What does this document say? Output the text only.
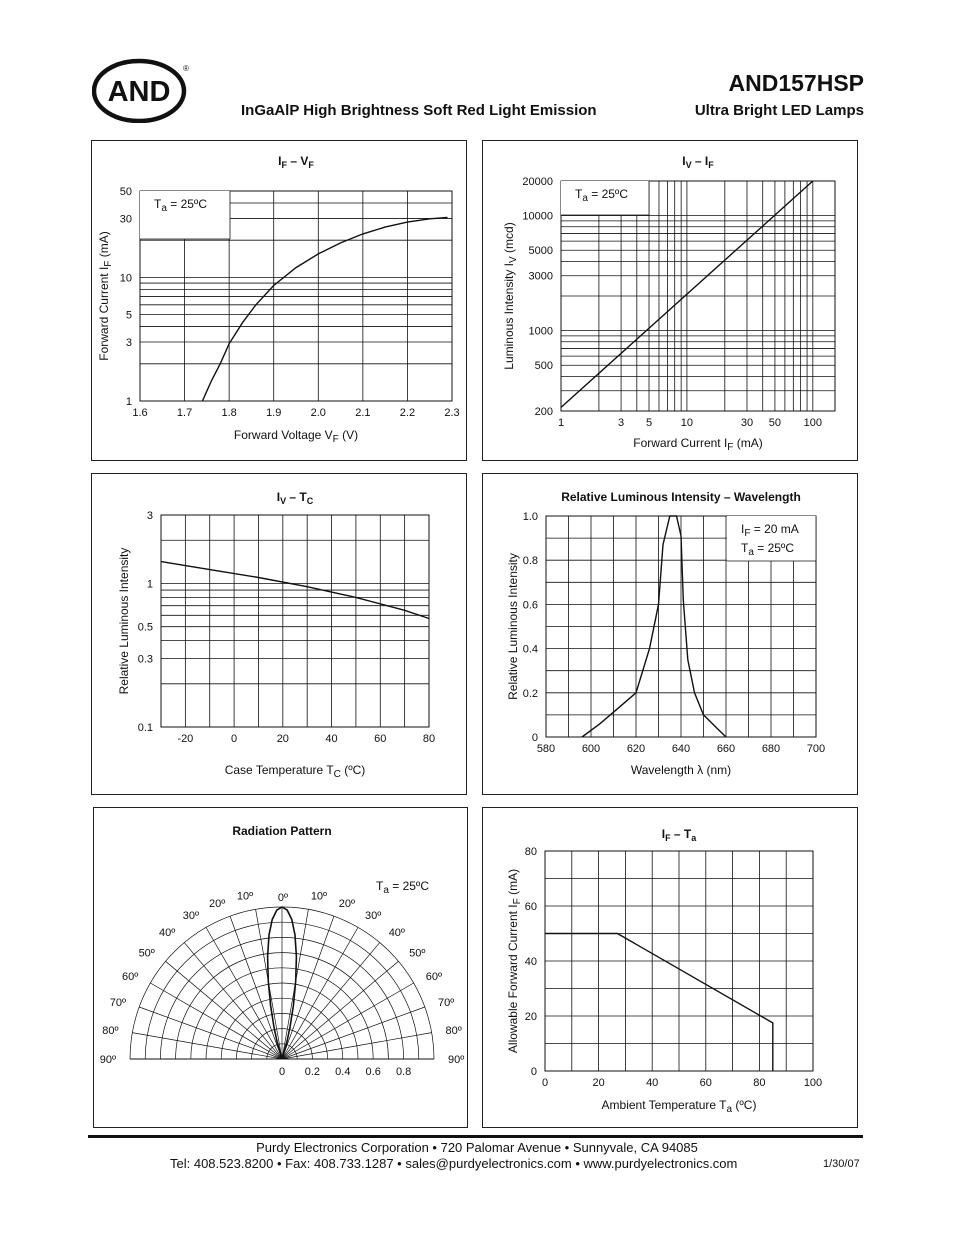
AND
®
AND157HSP
InGaAlP High Brightness Soft Red Light Emission	Ultra Bright LED Lamps
1.6	1.7	1.8	1.9	2.0	2.1	2.2	2.3
1
3
5
10
30
50
$T_a$ = 25ºC
$I_F - V_F$
Forward Voltage $V_F$ (V)
Forward Current $I_F$ (mA)
1	3 5	10	30 50 100
200
500
1000
3000
5000
10000
20000
$T_a$ = 25ºC
$I_V - I_F$
Forward Current $I_F$ (mA)
Luminous Intensity $I_V$ (mcd)
-20	0	20	40	60	80
0.1
0.3
0.5
1
3
$I_V - T_C$
Case Temperature $T_C$ (ºC)
Relative Luminous Intensity
580 600 620 640 660 680 700
0
0.2
0.4
0.6
0.8
1.0
$I_F = 20$ mA
$T_a$ = 25ºC
Relative Luminous Intensity – Wavelength
Wavelength λ (nm)
Relative Luminous Intensity
Radiation Pattern
0º
10º
20º
30º
40º
50º
60º
70º
80º
90º
10º
20º
30º
40º
50º
60º
70º
80º
90º
0 0.2 0.4 0.6 0.8
$T_a$ = 25ºC
0	20	40	60	80	100
0
20
40
60
80
$I_F - T_a$
Ambient Temperature $T_a$ (ºC)
Allowable Forward Current $I_F$ (mA)
Purdy Electronics Corporation • 720 Palomar Avenue • Sunnyvale, CA 94085
Tel: 408.523.8200 • Fax: 408.733.1287 • sales@purdyelectronics.com • www.purdyelectronics.com	1/30/07
